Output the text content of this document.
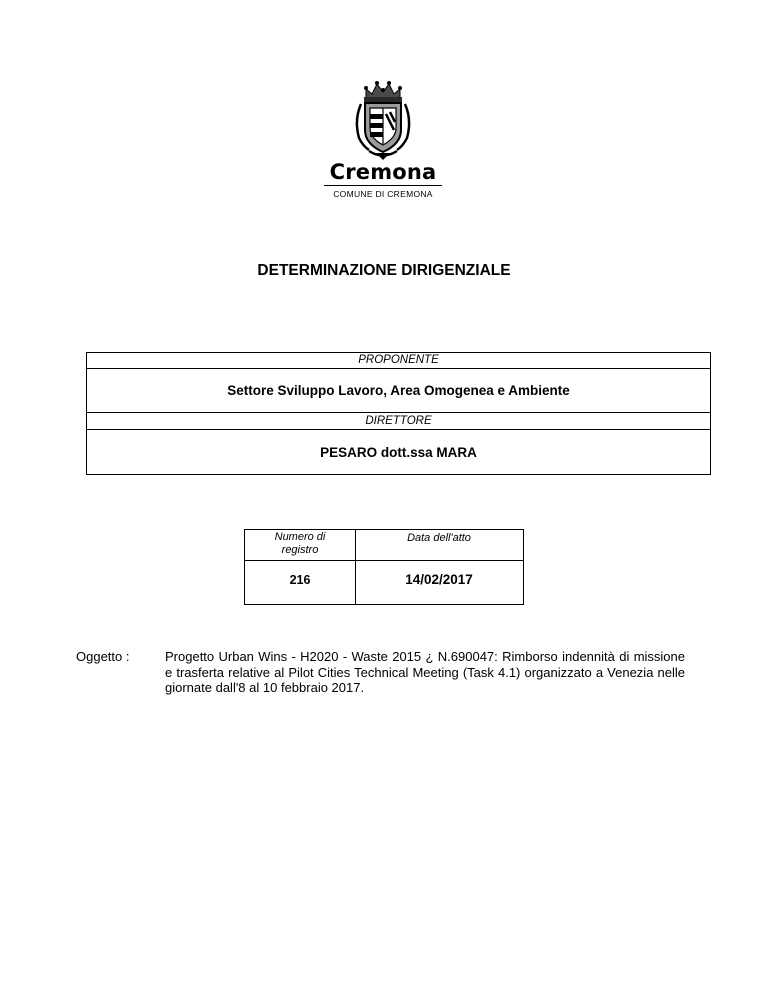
Cremona
COMUNE DI CREMONA
DETERMINAZIONE DIRIGENZIALE
PROPONENTE
Settore Sviluppo Lavoro, Area Omogenea e Ambiente
DIRETTORE
PESARO dott.ssa MARA
Numero di registro
Data dell'atto
216	14/02/2017
Oggetto :	Progetto Urban Wins - H2020 - Waste 2015 ¿ N.690047: Rimborso indennità di missione e trasferta relative al Pilot Cities Technical Meeting (Task 4.1) organizzato a Venezia nelle giornate dall'8 al 10 febbraio 2017.
